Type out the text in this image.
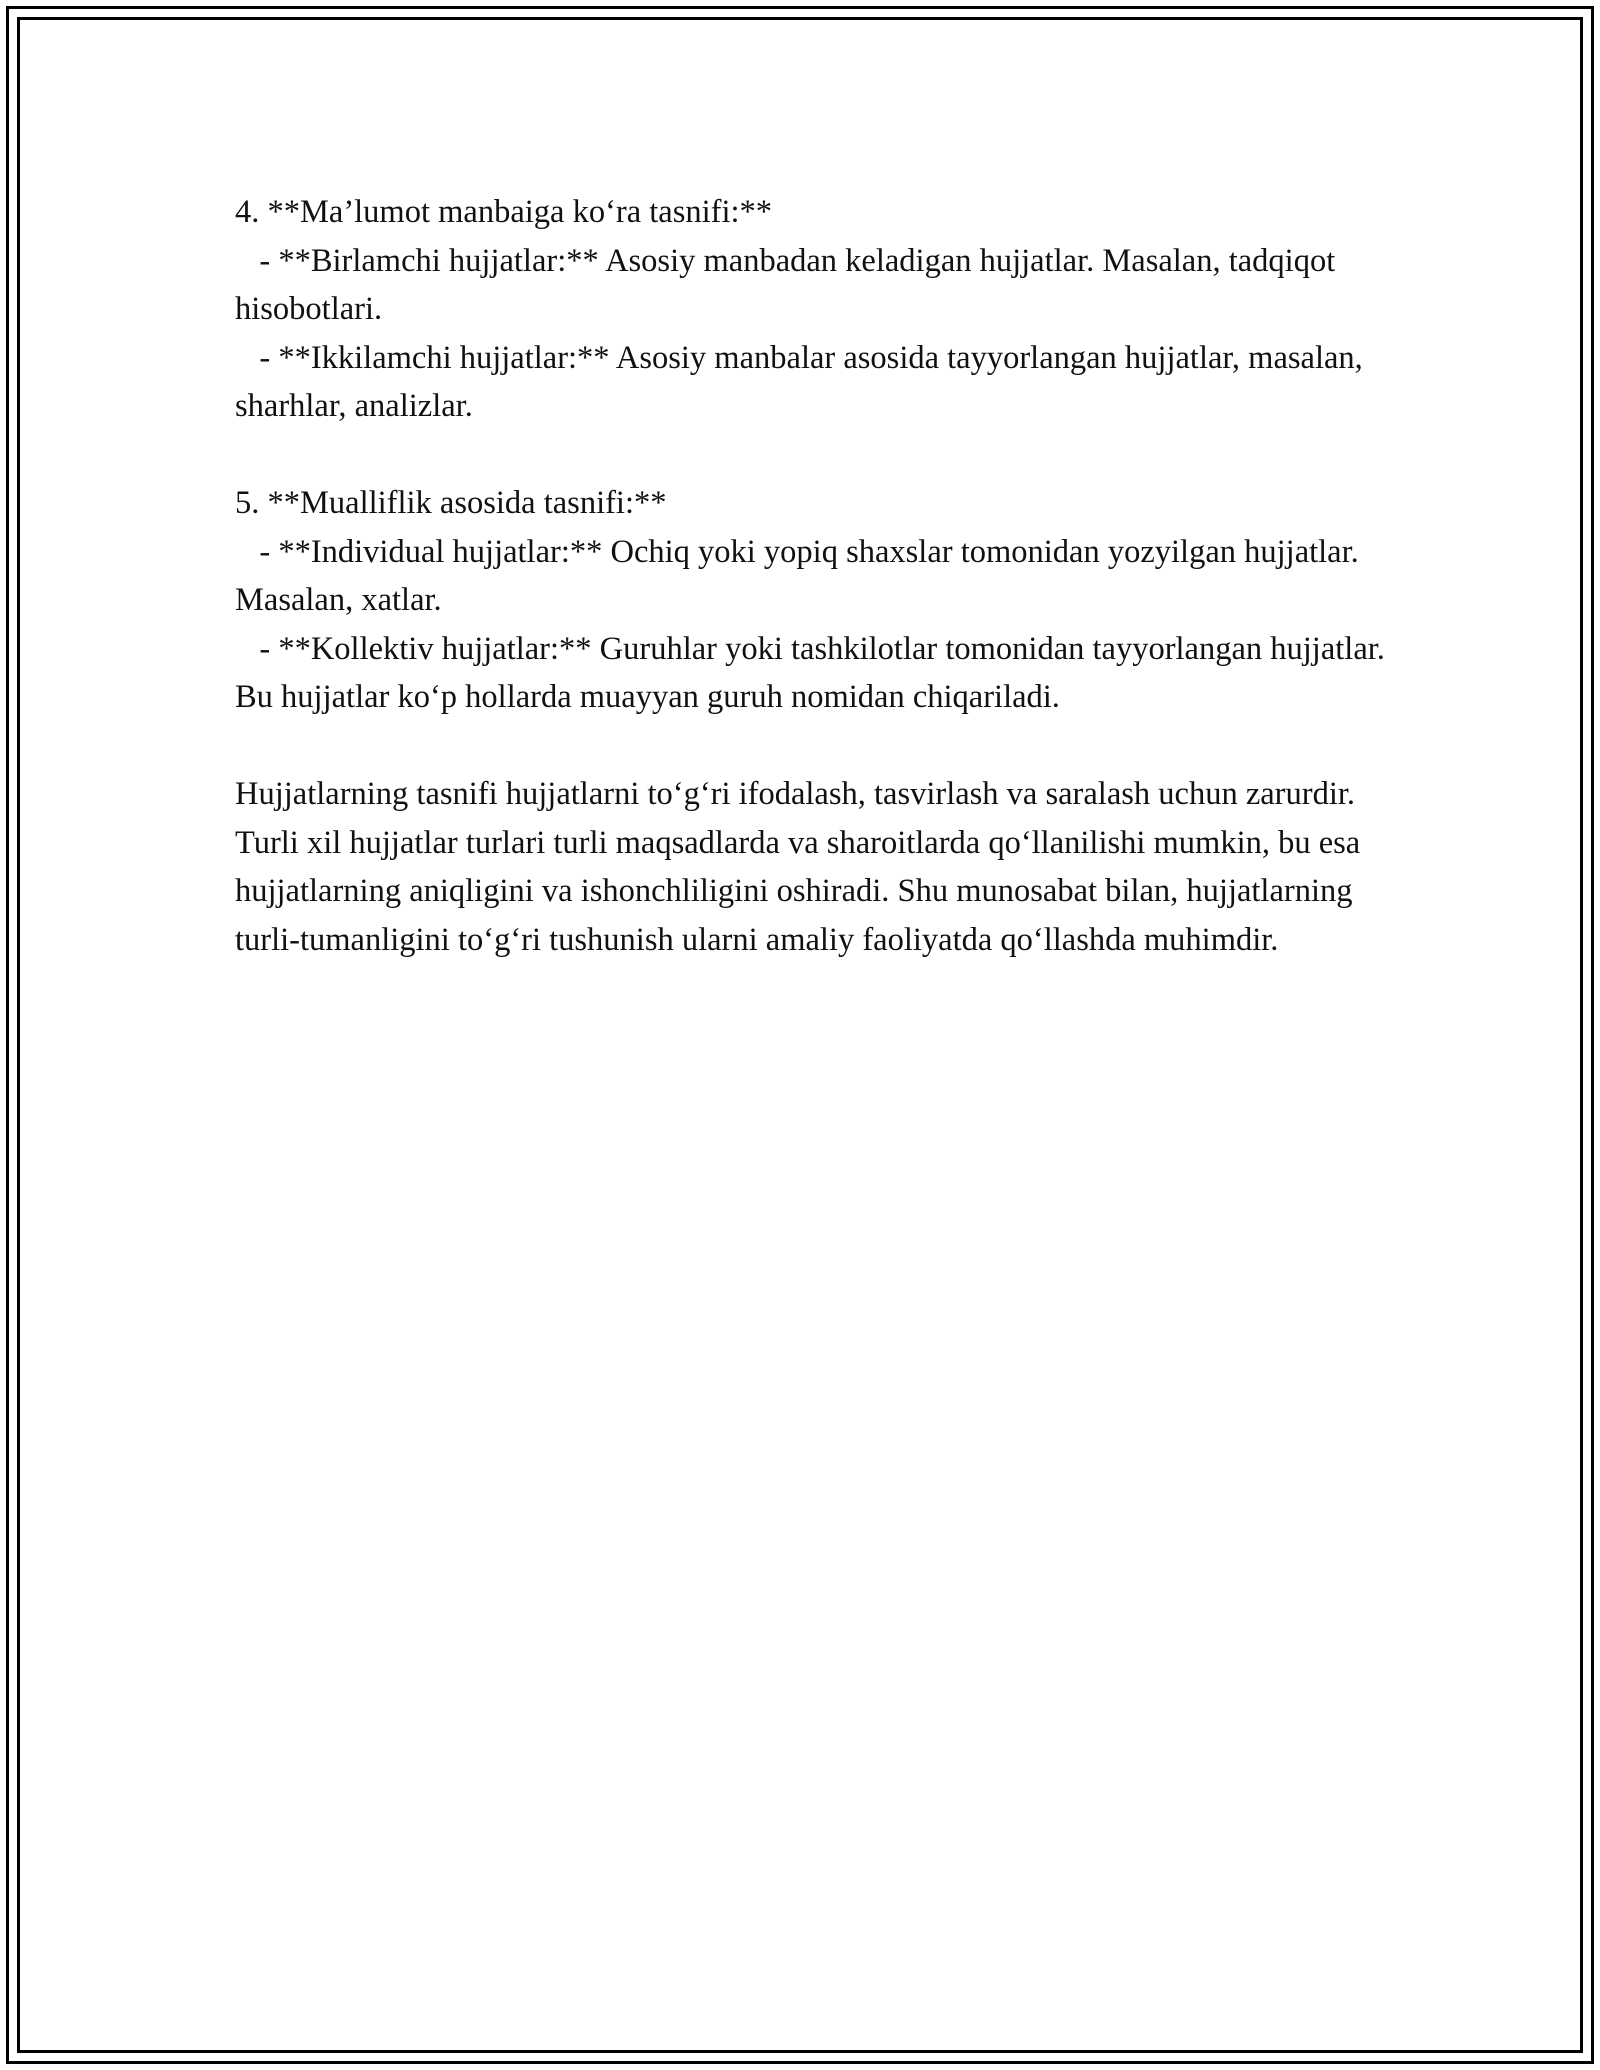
4. **Ma’lumot manbaiga ko‘ra tasnifi:**

- **Birlamchi hujjatlar:** Asosiy manbadan keladigan hujjatlar. Masalan, tadqiqot hisobotlari.

- **Ikkilamchi hujjatlar:** Asosiy manbalar asosida tayyorlangan hujjatlar, masalan, sharhlar, analizlar.

5. **Mualliflik asosida tasnifi:**

- **Individual hujjatlar:** Ochiq yoki yopiq shaxslar tomonidan yozyilgan hujjatlar. Masalan, xatlar.

- **Kollektiv hujjatlar:** Guruhlar yoki tashkilotlar tomonidan tayyorlangan hujjatlar. Bu hujjatlar ko‘p hollarda muayyan guruh nomidan chiqariladi.

Hujjatlarning tasnifi hujjatlarni to‘g‘ri ifodalash, tasvirlash va saralash uchun zarurdir. Turli xil hujjatlar turlari turli maqsadlarda va sharoitlarda qo‘llanilishi mumkin, bu esa hujjatlarning aniqligini va ishonchliligini oshiradi. Shu munosabat bilan, hujjatlarning turli-tumanligini to‘g‘ri tushunish ularni amaliy faoliyatda qo‘llashda muhimdir.
